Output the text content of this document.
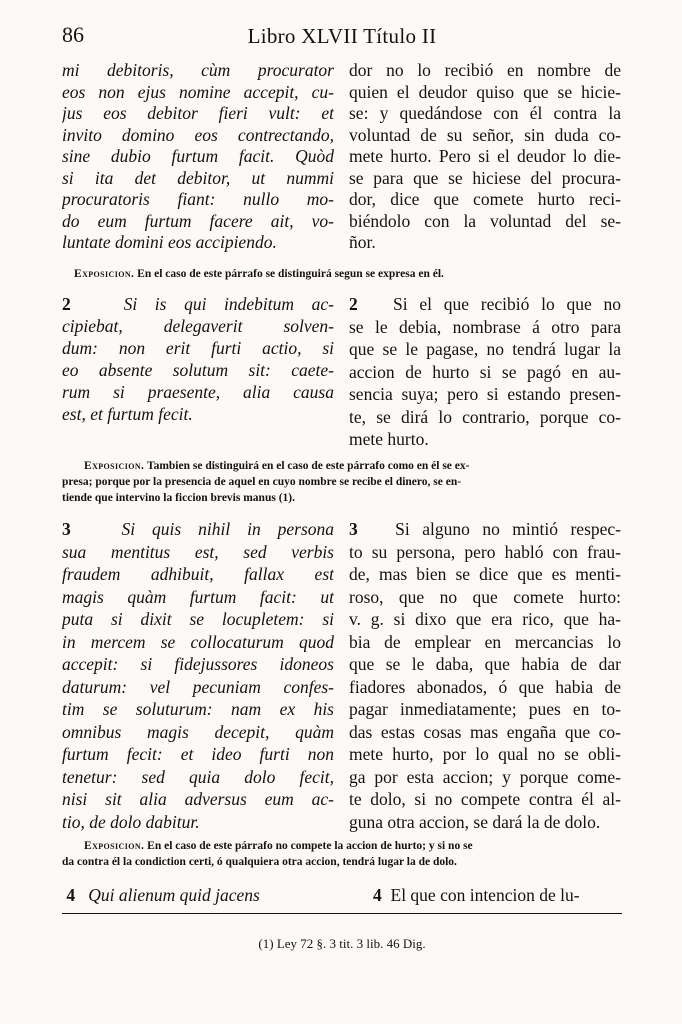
86	Libro XLVII Título II
mi debitoris, cùm procurator
eos non ejus nomine accepit, cu-
jus eos debitor fieri vult: et
invito domino eos contrectando,
sine dubio furtum facit. Quòd
si ita det debitor, ut nummi
procuratoris fiant: nullo mo-
do eum furtum facere ait, vo-
luntate domini eos accipiendo.
dor no lo recibió en nombre de
quien el deudor quiso que se hicie-
se: y quedándose con él contra la
voluntad de su señor, sin duda co-
mete hurto. Pero si el deudor lo die-
se para que se hiciese del procura-
dor, dice que comete hurto reci-
biéndolo con la voluntad del se-
ñor.
Exposicion. En el caso de este párrafo se distinguirá segun se expresa en él.
2	Si is qui indebitum ac-
cipiebat, delegaverit solven-
dum: non erit furti actio, si
eo absente solutum sit: caete-
rum si praesente, alia causa
est, et furtum fecit.
2 Si el que recibió lo que no
se le debia, nombrase á otro para
que se le pagase, no tendrá lugar la
accion de hurto si se pagó en au-
sencia suya; pero si estando presen-
te, se dirá lo contrario, porque co-
mete hurto.
Exposicion. Tambien se distinguirá en el caso de este párrafo como en él se ex-
presa; porque por la presencia de aquel en cuyo nombre se recibe el dinero, se en-
tiende que intervino la ficcion brevis manus (1).
3	Si quis nihil in persona
sua mentitus est, sed verbis
fraudem adhibuit, fallax est
magis quàm furtum facit: ut
puta si dixit se locupletem: si
in mercem se collocaturum quod
accepit: si fidejussores idoneos
daturum: vel pecuniam confes-
tim se soluturum: nam ex his
omnibus magis decepit, quàm
furtum fecit: et ideo furti non
tenetur: sed quia dolo fecit,
nisi sit alia adversus eum ac-
tio, de dolo dabitur.
3 Si alguno no mintió respec-
to su persona, pero habló con frau-
de, mas bien se dice que es menti-
roso, que no que comete hurto:
v. g. si dixo que era rico, que ha-
bia de emplear en mercancias lo
que se le daba, que habia de dar
fiadores abonados, ó que habia de
pagar inmediatamente; pues en to-
das estas cosas mas engaña que co-
mete hurto, por lo qual no se obli-
ga por esta accion; y porque come-
te dolo, si no compete contra él al-
guna otra accion, se dará la de dolo.
Exposicion. En el caso de este párrafo no compete la accion de hurto; y si no se
da contra él la condiction certi, ó qualquiera otra accion, tendrá lugar la de dolo.
4 Qui alienum quid jacens	4 El que con intencion de lu-
(1) Ley 72 §. 3 tit. 3 lib. 46 Dig.
